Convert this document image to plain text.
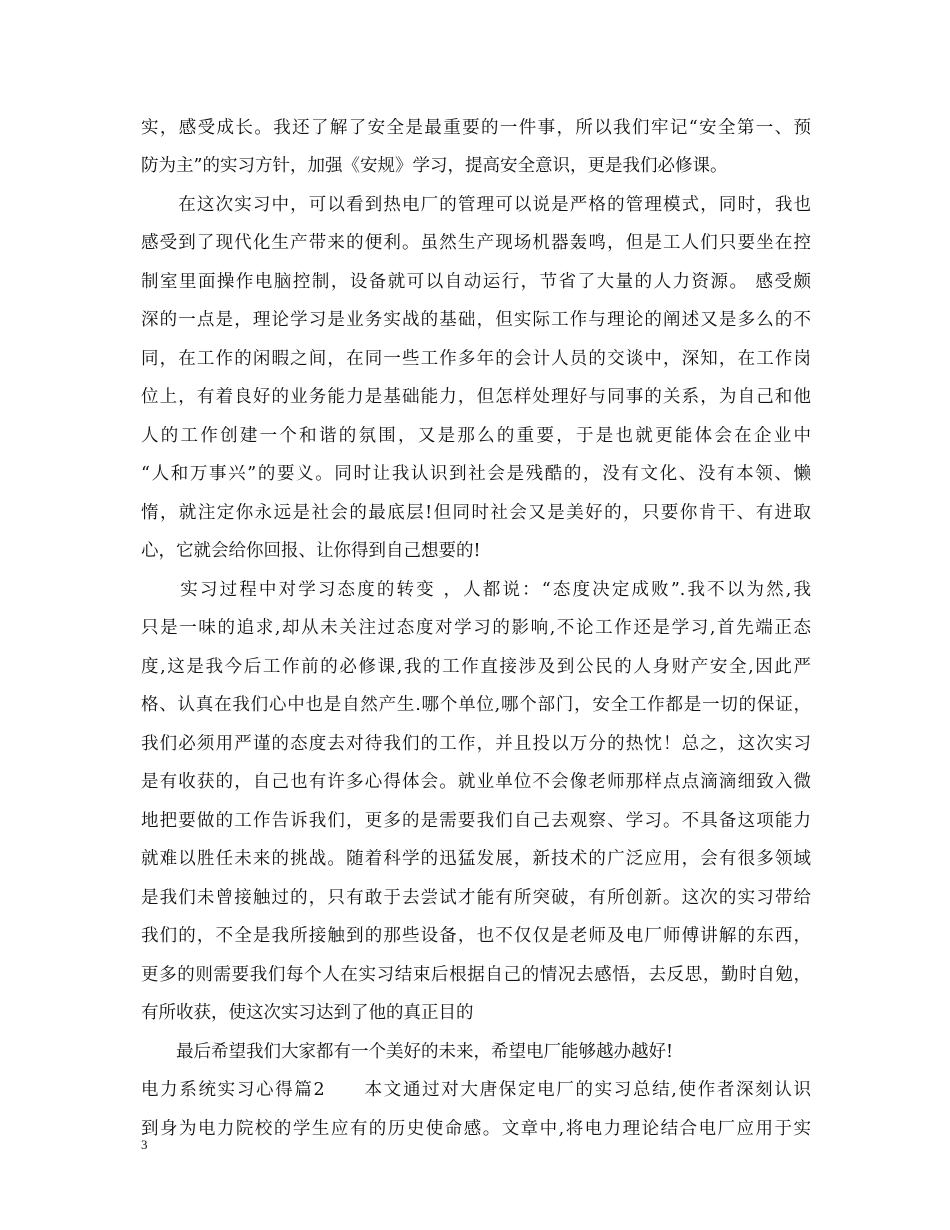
实，感受成长。我还了解了安全是最重要的一件事，所以我们牢记“安全第一、预
防为主”的实习方针，加强《安规》学习，提高安全意识，更是我们必修课。
　　在这次实习中，可以看到热电厂的管理可以说是严格的管理模式，同时，我也
感受到了现代化生产带来的便利。虽然生产现场机器轰鸣，但是工人们只要坐在控
制室里面操作电脑控制，设备就可以自动运行，节省了大量的人力资源。 感受颇
深的一点是，理论学习是业务实战的基础，但实际工作与理论的阐述又是多么的不
同，在工作的闲暇之间，在同一些工作多年的会计人员的交谈中，深知，在工作岗
位上，有着良好的业务能力是基础能力，但怎样处理好与同事的关系，为自己和他
人的工作创建一个和谐的氛围，又是那么的重要，于是也就更能体会在企业中
“人和万事兴”的要义。同时让我认识到社会是残酷的，没有文化、没有本领、懒
惰，就注定你永远是社会的最底层!但同时社会又是美好的，只要你肯干、有进取
心，它就会给你回报、让你得到自己想要的!
　　实习过程中对学习态度的转变 ，人都说：“态度决定成败”.我不以为然,我
只是一味的追求,却从未关注过态度对学习的影响,不论工作还是学习,首先端正态
度,这是我今后工作前的必修课,我的工作直接涉及到公民的人身财产安全,因此严
格、认真在我们心中也是自然产生.哪个单位,哪个部门，安全工作都是一切的保证，
我们必须用严谨的态度去对待我们的工作，并且投以万分的热忱！总之，这次实习
是有收获的，自己也有许多心得体会。就业单位不会像老师那样点点滴滴细致入微
地把要做的工作告诉我们，更多的是需要我们自己去观察、学习。不具备这项能力
就难以胜任未来的挑战。随着科学的迅猛发展，新技术的广泛应用，会有很多领域
是我们未曾接触过的，只有敢于去尝试才能有所突破，有所创新。这次的实习带给
我们的，不全是我所接触到的那些设备，也不仅仅是老师及电厂师傅讲解的东西，
更多的则需要我们每个人在实习结束后根据自己的情况去感悟，去反思，勤时自勉，
有所收获，使这次实习达到了他的真正目的
　　最后希望我们大家都有一个美好的未来，希望电厂能够越办越好!
电力系统实习心得篇2　　本文通过对大唐保定电厂的实习总结,使作者深刻认识
到身为电力院校的学生应有的历史使命感。文章中,将电力理论结合电厂应用于实
3
